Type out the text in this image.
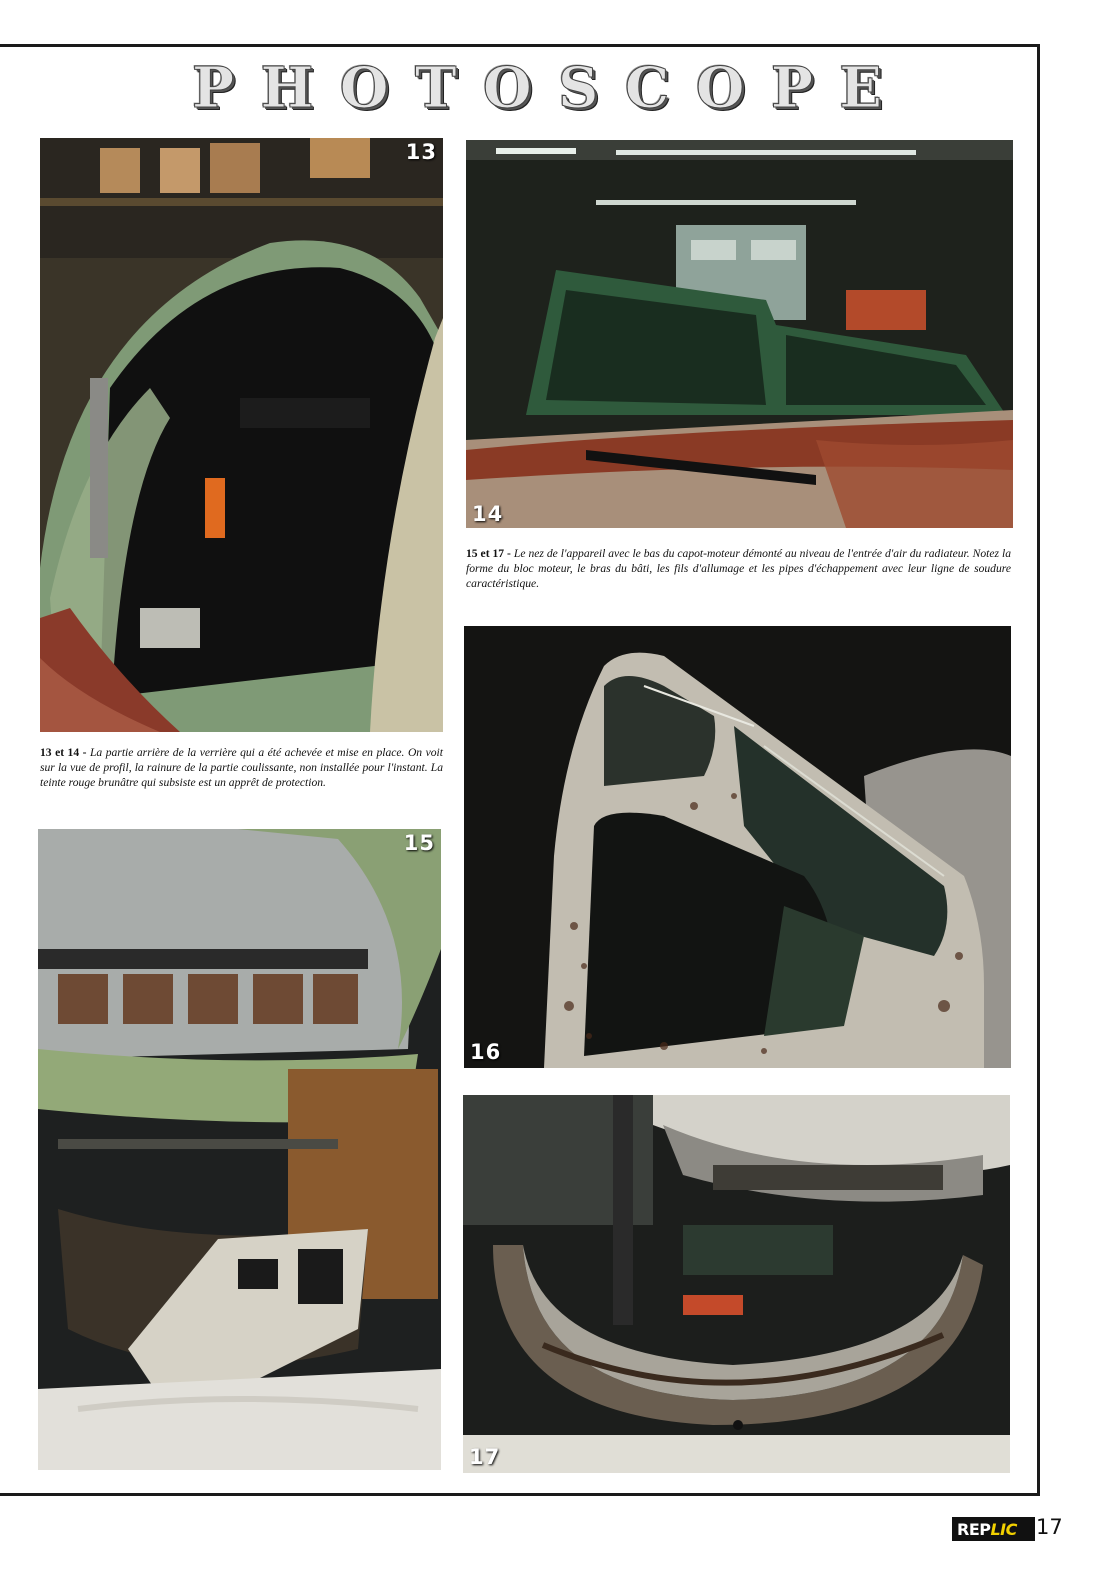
P H O T O S C O P E
13
14
15 et 17 - Le nez de l'appareil avec le bas du capot-moteur démonté au niveau de l'entrée d'air du radiateur. Notez la forme du bloc moteur, le bras du bâti, les fils d'allumage et les pipes d'échappement avec leur ligne de soudure caractéristique.
13 et 14 - La partie arrière de la verrière qui a été achevée et mise en place. On voit sur la vue de profil, la rainure de la partie coulissante, non installée pour l'instant. La teinte rouge brunâtre qui subsiste est un apprêt de protection.
16
15
17
REP LIC 17
